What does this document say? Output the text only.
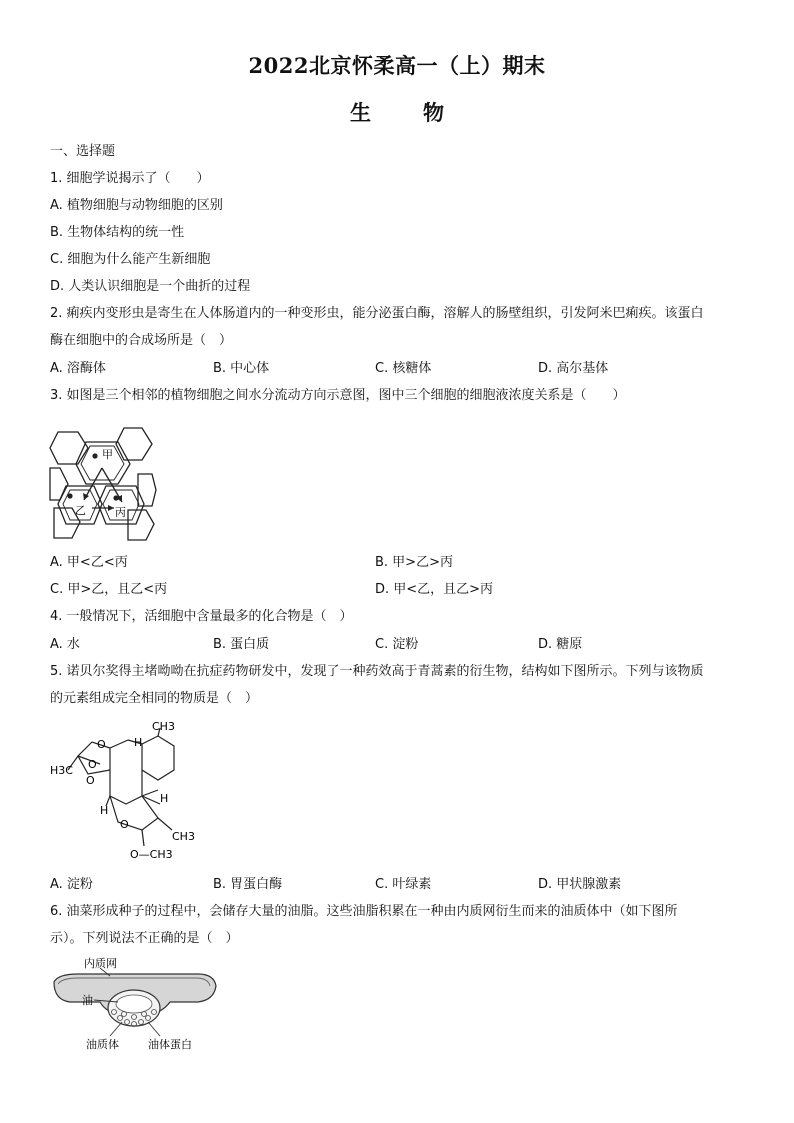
2022北京怀柔高一（上）期末
生 物
一、选择题
1. 细胞学说揭示了（　　）
A. 植物细胞与动物细胞的区别
B. 生物体结构的统一性
C. 细胞为什么能产生新细胞
D. 人类认识细胞是一个曲折的过程
2. 痢疾内变形虫是寄生在人体肠道内的一种变形虫，能分泌蛋白酶，溶解人的肠壁组织，引发阿米巴痢疾。该蛋白
酶在细胞中的合成场所是（　）
A. 溶酶体	B. 中心体	C. 核糖体	D. 高尔基体
3. 如图是三个相邻的植物细胞之间水分流动方向示意图，图中三个细胞的细胞液浓度关系是（　　）
甲
乙	丙
A. 甲<乙<丙	B. 甲>乙>丙
C. 甲>乙，且乙<丙	D. 甲<乙，且乙>丙
4. 一般情况下，活细胞中含量最多的化合物是（　）
A. 水	B. 蛋白质	C. 淀粉	D. 糖原
5. 诺贝尔奖得主堵呦呦在抗症药物研发中，发现了一种药效高于青蒿素的衍生物，结构如下图所示。下列与该物质
的元素组成完全相同的物质是（　）
CH3
H3C
O
O
O
H
H
H
O
CH3
O—CH3
A. 淀粉	B. 胃蛋白酶	C. 叶绿素	D. 甲状腺激素
6. 油菜形成种子的过程中，会储存大量的油脂。这些油脂积累在一种由内质网衍生而来的油质体中（如下图所
示）。下列说法不正确的是（　）
内质网
油
油质体	油体蛋白
